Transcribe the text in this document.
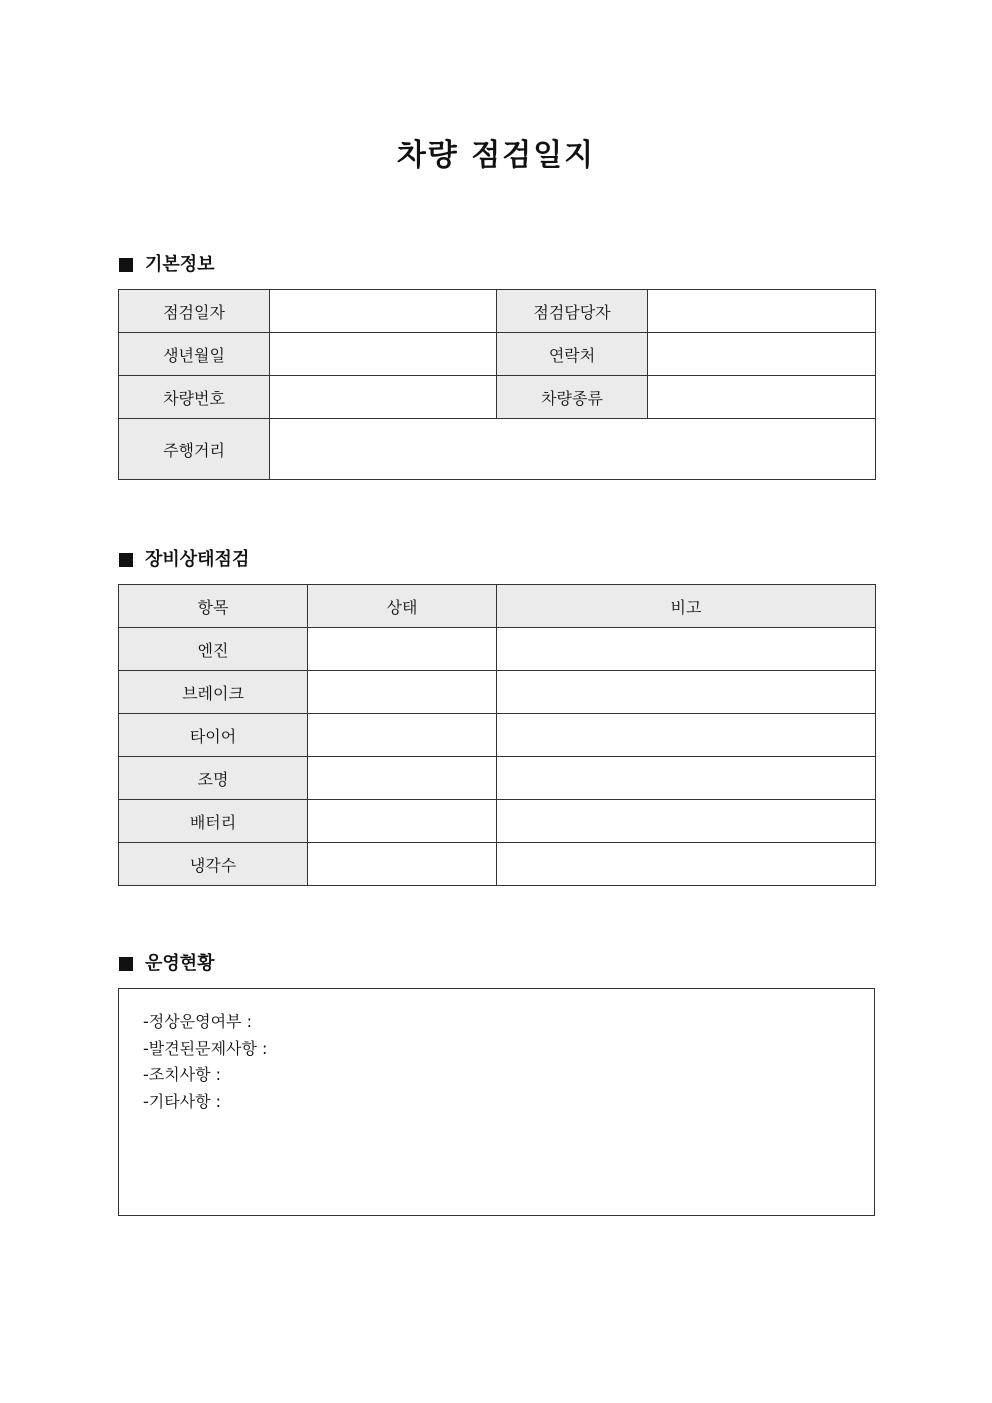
차량 점검일지
기본정보
점검일자		점검담당자	
생년월일		연락처	
차량번호		차량종류	
주행거리			
장비상태점검
항목	상태	비고
엔진		
브레이크		
타이어		
조명		
배터리		
냉각수		
운영현황
-정상운영여부 :
-발견된문제사항 :
-조치사항 :
-기타사항 :
